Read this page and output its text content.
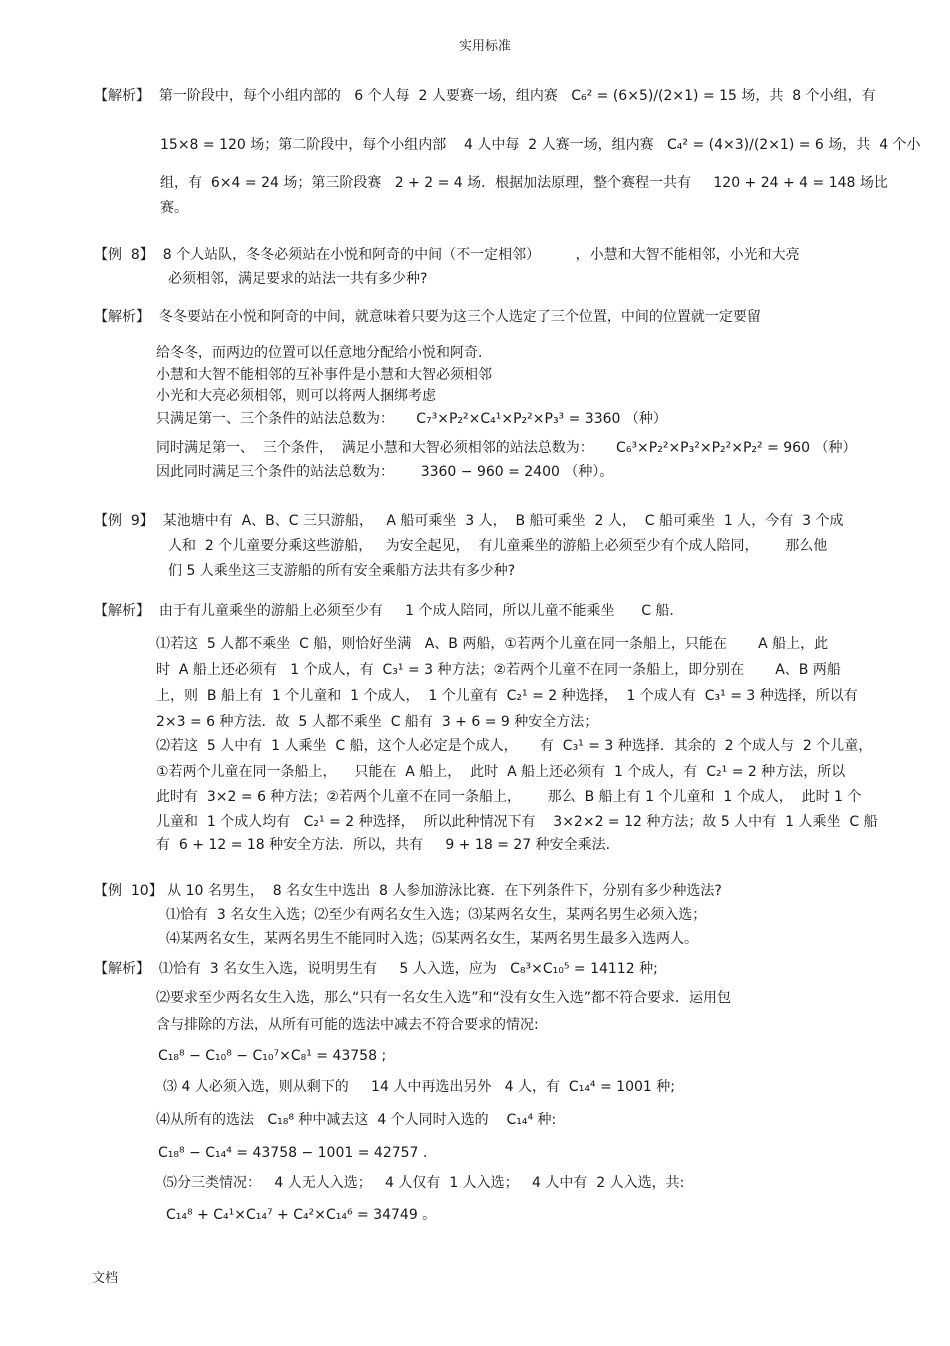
实用标准
【解析】  第一阶段中，每个小组内部的   6 个人每  2 人要赛一场，组内赛   C₆² = (6×5)/(2×1) = 15 场，共  8 个小组，有
15×8 = 120 场；第二阶段中，每个小组内部    4 人中每  2 人赛一场，组内赛   C₄² = (4×3)/(2×1) = 6 场，共  4 个小
组，有  6×4 = 24 场；第三阶段赛   2 + 2 = 4 场．根据加法原理，整个赛程一共有     120 + 24 + 4 = 148 场比
赛。
【例  8】  8 个人站队，冬冬必须站在小悦和阿奇的中间（不一定相邻）        ，小慧和大智不能相邻，小光和大亮
必须相邻，满足要求的站法一共有多少种?
【解析】  冬冬要站在小悦和阿奇的中间，就意味着只要为这三个人选定了三个位置，中间的位置就一定要留
给冬冬，而两边的位置可以任意地分配给小悦和阿奇.
小慧和大智不能相邻的互补事件是小慧和大智必须相邻
小光和大亮必须相邻，则可以将两人捆绑考虑
只满足第一、三个条件的站法总数为：     C₇³×P₂²×C₄¹×P₂²×P₃³ = 3360 （种）
同时满足第一、  三个条件，  满足小慧和大智必须相邻的站法总数为：     C₆³×P₂²×P₃²×P₂²×P₂² = 960 （种）
因此同时满足三个条件的站法总数为：      3360 − 960 = 2400 （种）。
【例  9】  某池塘中有  A、B、C 三只游船，   A 船可乘坐  3 人，  B 船可乘坐  2 人，  C 船可乘坐  1 人，今有  3 个成
人和  2 个儿童要分乘这些游船，   为安全起见，  有儿童乘坐的游船上必须至少有个成人陪同，      那么他
们 5 人乘坐这三支游船的所有安全乘船方法共有多少种?
【解析】  由于有儿童乘坐的游船上必须至少有     1 个成人陪同，所以儿童不能乘坐      C 船.
⑴若这  5 人都不乘坐  C 船，则恰好坐满   A、B 两船，①若两个儿童在同一条船上，只能在       A 船上，此
时  A 船上还必须有   1 个成人，有  C₃¹ = 3 种方法；②若两个儿童不在同一条船上，即分别在       A、B 两船
上，则  B 船上有  1 个儿童和  1 个成人，  1 个儿童有  C₂¹ = 2 种选择，  1 个成人有  C₃¹ = 3 种选择，所以有
2×3 = 6 种方法．故  5 人都不乘坐  C 船有  3 + 6 = 9 种安全方法；
⑵若这  5 人中有  1 人乘坐  C 船，这个人必定是个成人，     有  C₃¹ = 3 种选择．其余的  2 个成人与  2 个儿童，
①若两个儿童在同一条船上，    只能在  A 船上，  此时  A 船上还必须有  1 个成人，有  C₂¹ = 2 种方法，所以
此时有  3×2 = 6 种方法；②若两个儿童不在同一条船上，      那么  B 船上有 1 个儿童和  1 个成人，  此时 1 个
儿童和  1 个成人均有   C₂¹ = 2 种选择，  所以此种情况下有    3×2×2 = 12 种方法；故 5 人中有  1 人乘坐  C 船
有  6 + 12 = 18 种安全方法．所以，共有     9 + 18 = 27 种安全乘法.
【例  10】 从 10 名男生，  8 名女生中选出  8 人参加游泳比赛．在下列条件下，分别有多少种选法?
⑴恰有  3 名女生入选；⑵至少有两名女生入选；⑶某两名女生，某两名男生必须入选；
⑷某两名女生，某两名男生不能同时入选；⑸某两名女生，某两名男生最多入选两人。
【解析】  ⑴恰有  3 名女生入选，说明男生有     5 人入选，应为   C₈³×C₁₀⁵ = 14112 种;
⑵要求至少两名女生入选，那么“只有一名女生入选”和“没有女生入选”都不符合要求．运用包
含与排除的方法，从所有可能的选法中减去不符合要求的情况:
C₁₈⁸ − C₁₀⁸ − C₁₀⁷×C₈¹ = 43758 ;
⑶ 4 人必须入选，则从剩下的     14 人中再选出另外   4 人，有  C₁₄⁴ = 1001 种;
⑷从所有的选法   C₁₈⁸ 种中减去这  4 个人同时入选的    C₁₄⁴ 种:
C₁₈⁸ − C₁₄⁴ = 43758 − 1001 = 42757 .
⑸分三类情况：   4 人无人入选；   4 人仅有  1 人入选；   4 人中有  2 人入选，共:
C₁₄⁸ + C₄¹×C₁₄⁷ + C₄²×C₁₄⁶ = 34749 。
文档
